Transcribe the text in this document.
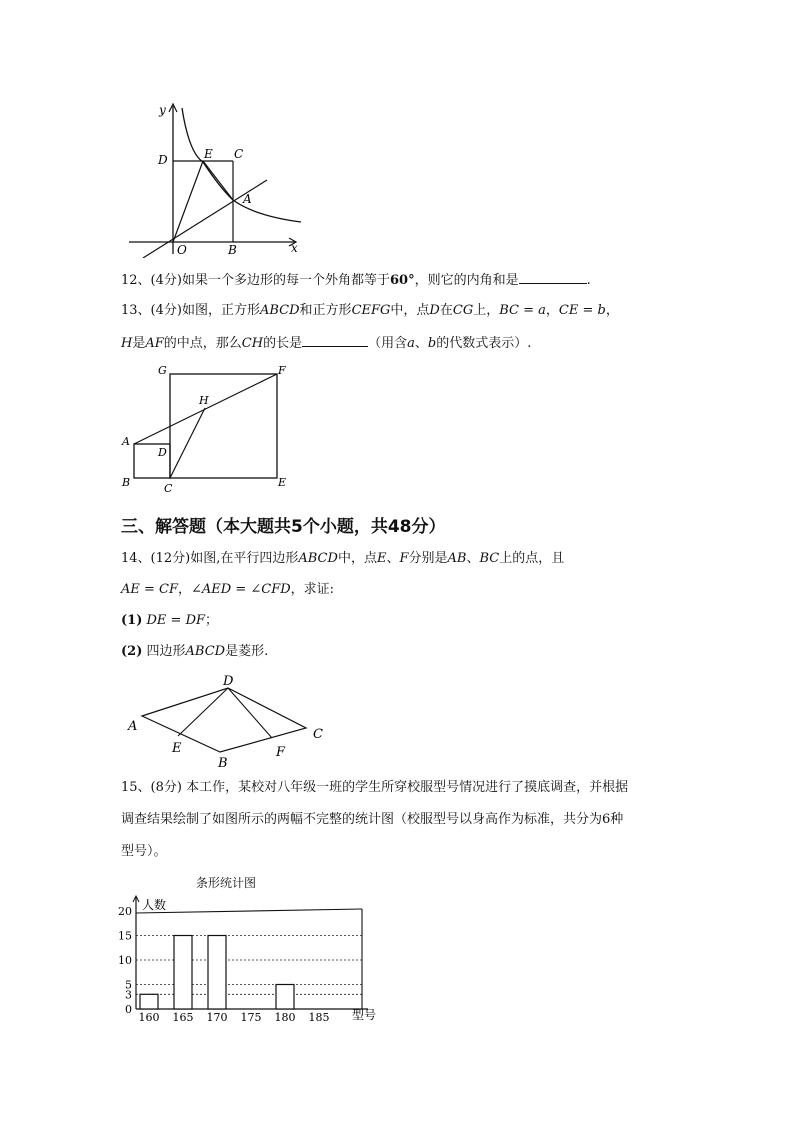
y
x
D	E C
A
O	B
12、(4分)如果一个多边形的每一个外角都等于60°，则它的内角和是	.
13、(4分)如图，正方形ABCD和正方形CEFG中，点D在CG上，BC = a，CE = b，
H是AF的中点，那么CH的长是	（用含a、b的代数式表示）.
G	F
H
A
D
B	C	E
三、解答题（本大题共5个小题，共48分）
14、(12分)如图,在平行四边形ABCD中，点E、F分别是AB、BC上的点，且
AE = CF，∠AED = ∠CFD，求证:
(1) DE = DF；
(2) 四边形ABCD是菱形.
A
D
C
E	F
B
15、(8分) 本工作，某校对八年级一班的学生所穿校服型号情况进行了摸底调查，并根据
调查结果绘制了如图所示的两幅不完整的统计图（校服型号以身高作为标准，共分为6种
型号）。
条形统计图
0
3
5
10
15
20
160 165 170 175 180 185
人数
型号
